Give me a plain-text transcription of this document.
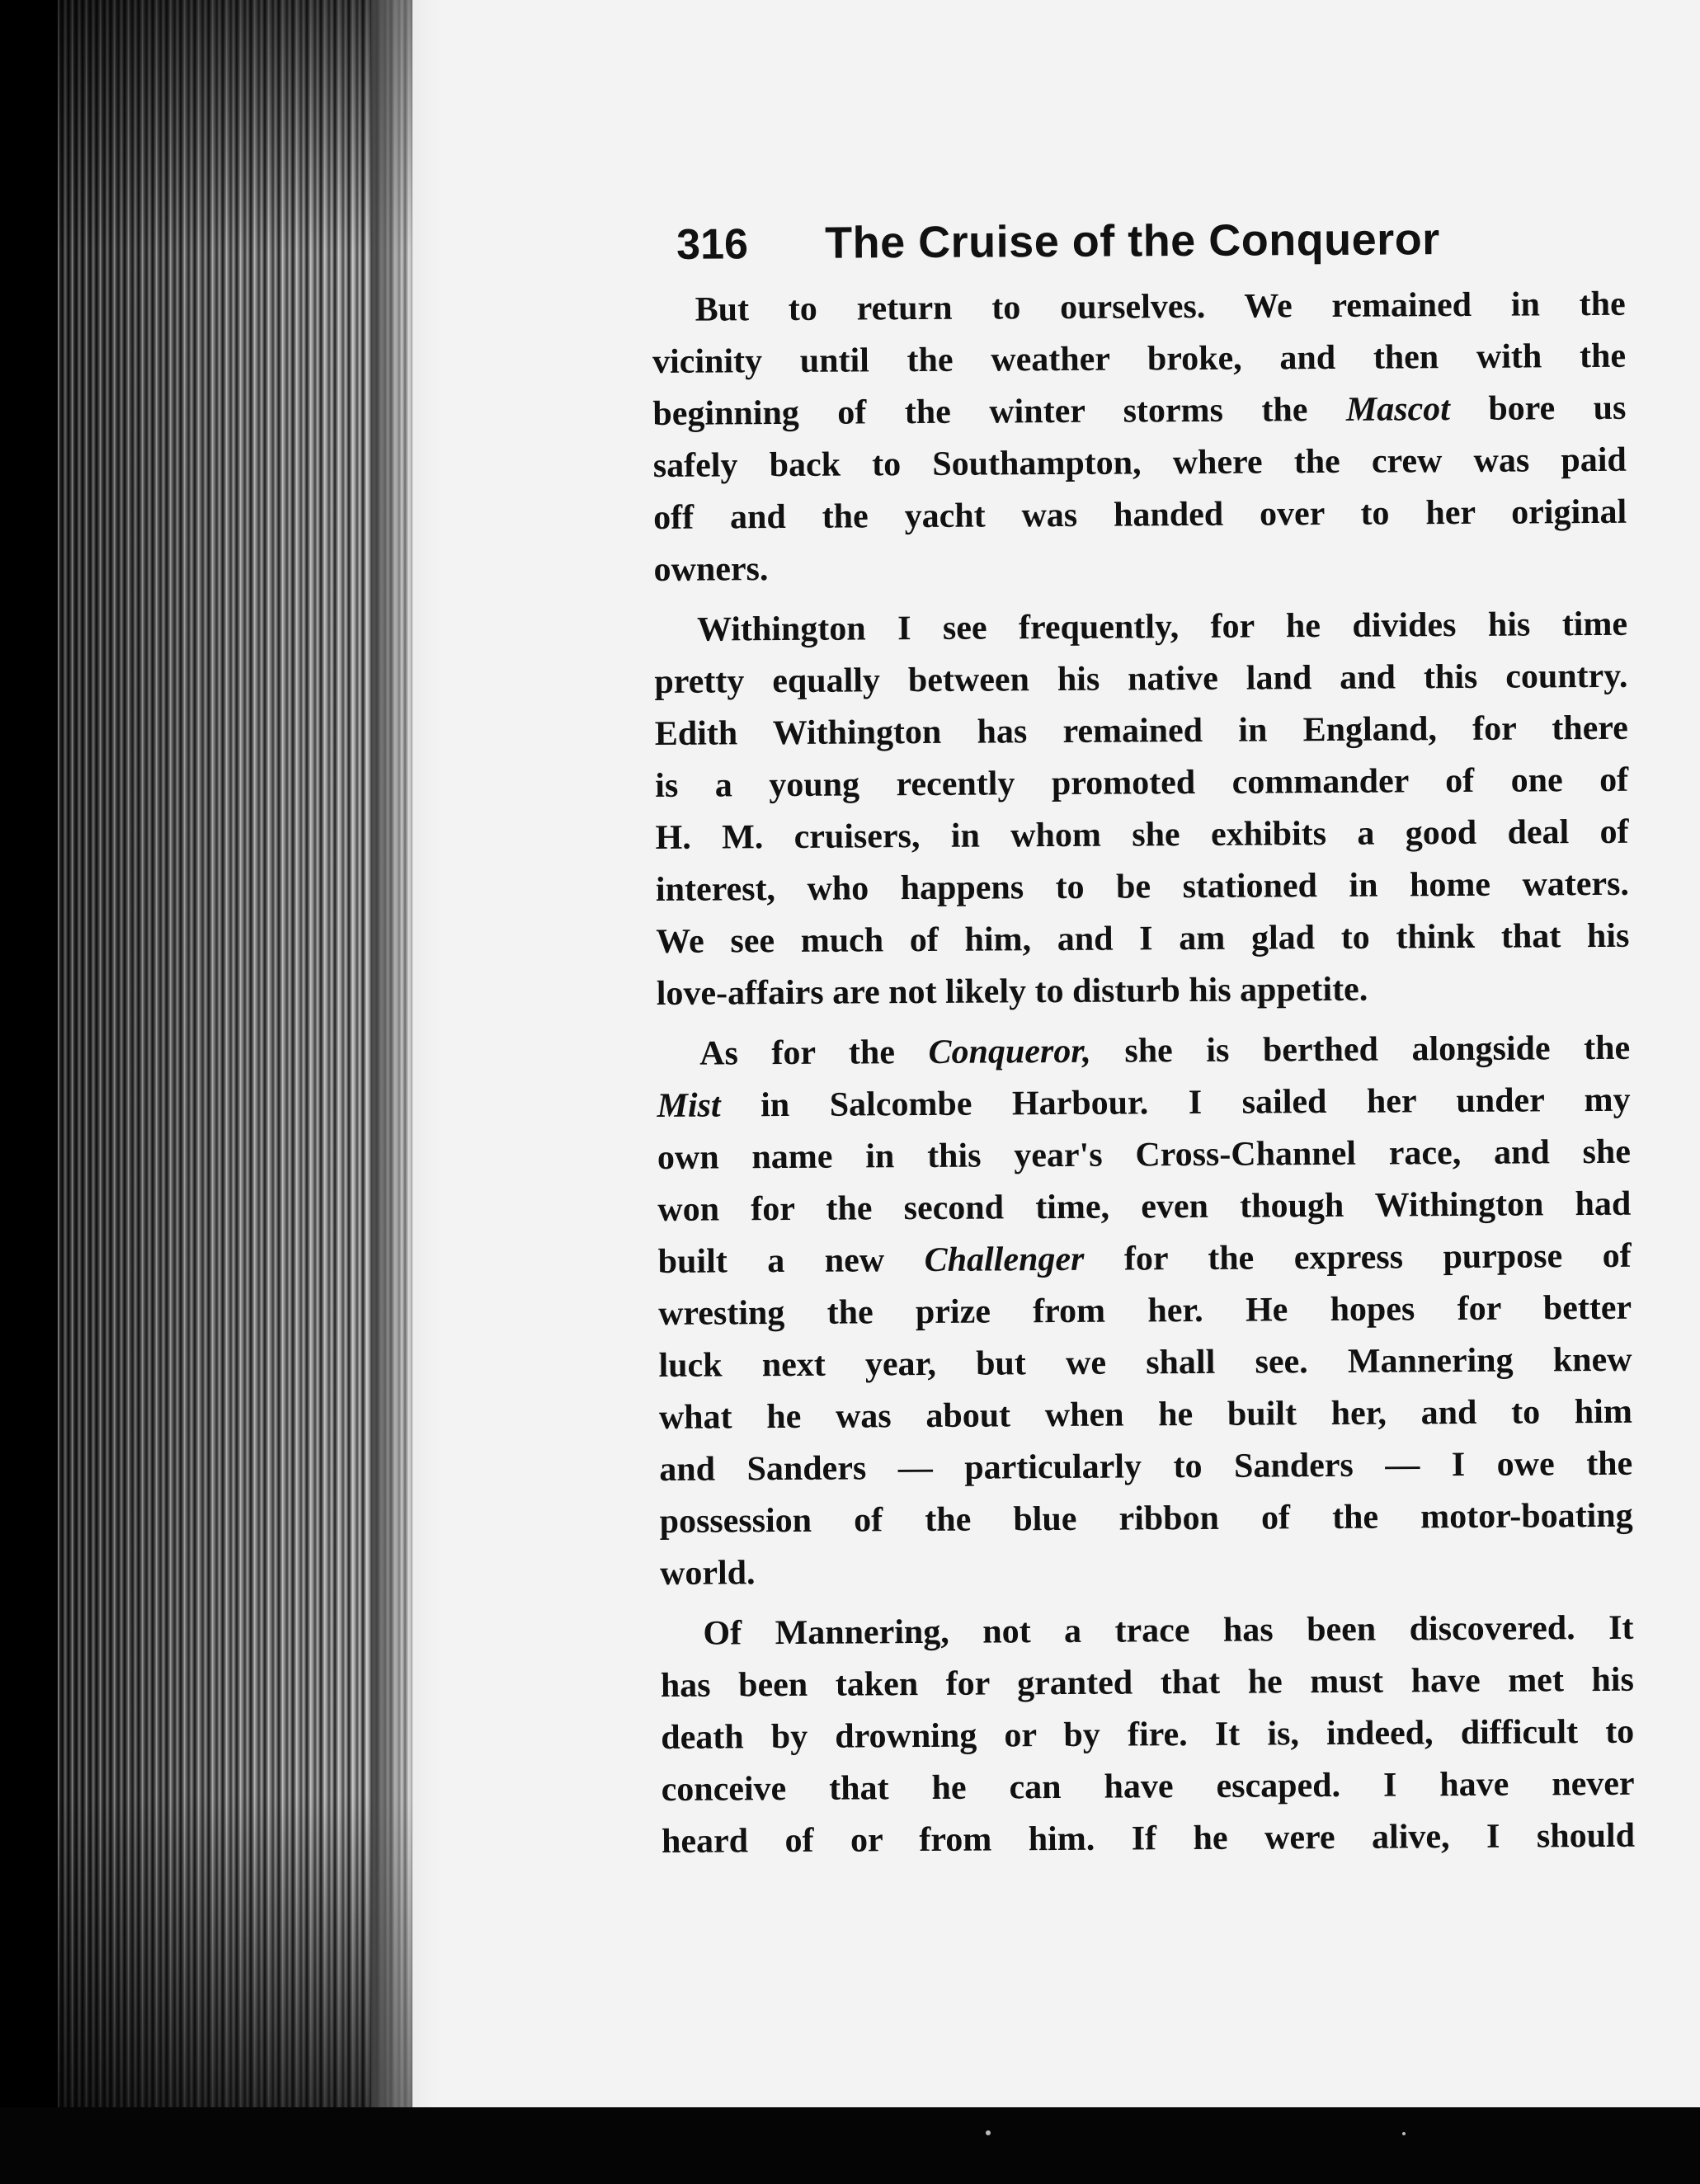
316	The Cruise of the Conqueror
But to return to ourselves. We remained in the
vicinity until the weather broke, and then with the
beginning of the winter storms the Mascot bore us
safely back to Southampton, where the crew was paid
off and the yacht was handed over to her original
owners.
Withington I see frequently, for he divides his time
pretty equally between his native land and this country.
Edith Withington has remained in England, for there
is a young recently promoted commander of one of
H. M. cruisers, in whom she exhibits a good deal of
interest, who happens to be stationed in home waters.
We see much of him, and I am glad to think that his
love-affairs are not likely to disturb his appetite.
As for the Conqueror, she is berthed alongside the
Mist in Salcombe Harbour. I sailed her under my
own name in this year's Cross-Channel race, and she
won for the second time, even though Withington had
built a new Challenger for the express purpose of
wresting the prize from her. He hopes for better
luck next year, but we shall see. Mannering knew
what he was about when he built her, and to him
and Sanders — particularly to Sanders — I owe the
possession of the blue ribbon of the motor-boating
world.
Of Mannering, not a trace has been discovered. It
has been taken for granted that he must have met his
death by drowning or by fire. It is, indeed, difficult to
conceive that he can have escaped. I have never
heard of or from him. If he were alive, I should
